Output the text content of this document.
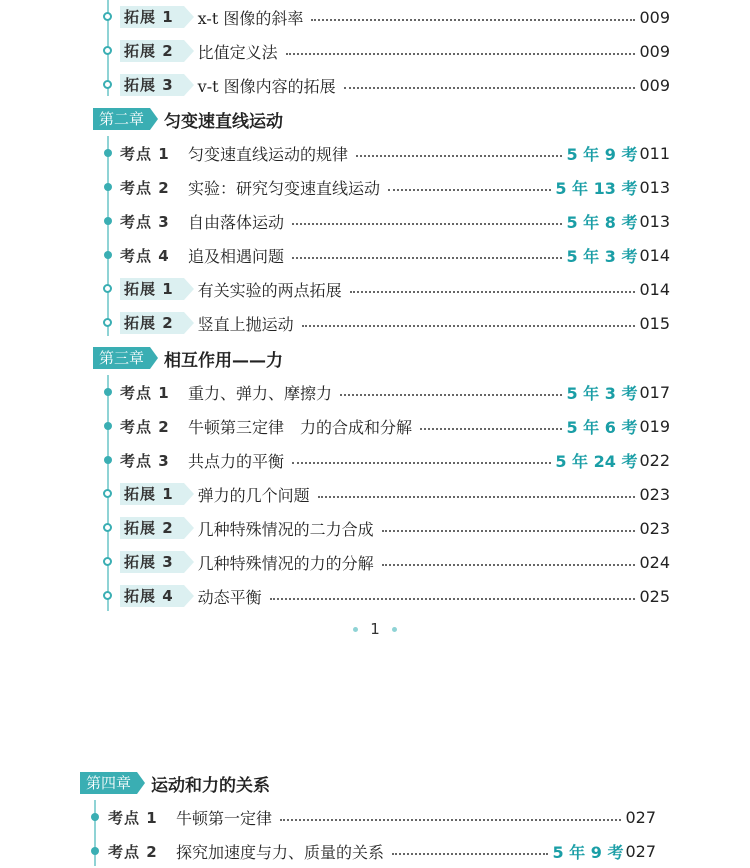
拓展 1	x-t 图像的斜率	009
拓展 2	比值定义法	009
拓展 3	v-t 图像内容的拓展	009
第二章	匀变速直线运动
考点 1	匀变速直线运动的规律	5 年 9 考 011
考点 2	实验：研究匀变速直线运动	5 年 13 考 013
考点 3	自由落体运动	5 年 8 考 013
考点 4	追及相遇问题	5 年 3 考 014
拓展 1	有关实验的两点拓展	014
拓展 2	竖直上抛运动	015
第三章	相互作用——力
考点 1	重力、弹力、摩擦力	5 年 3 考 017
考点 2	牛顿第三定律　力的合成和分解	5 年 6 考 019
考点 3	共点力的平衡	5 年 24 考 022
拓展 1	弹力的几个问题	023
拓展 2	几种特殊情况的二力合成	023
拓展 3	几种特殊情况的力的分解	024
拓展 4	动态平衡	025
1
第四章	运动和力的关系
考点 1	牛顿第一定律	027
考点 2	探究加速度与力、质量的关系	5 年 9 考 027
